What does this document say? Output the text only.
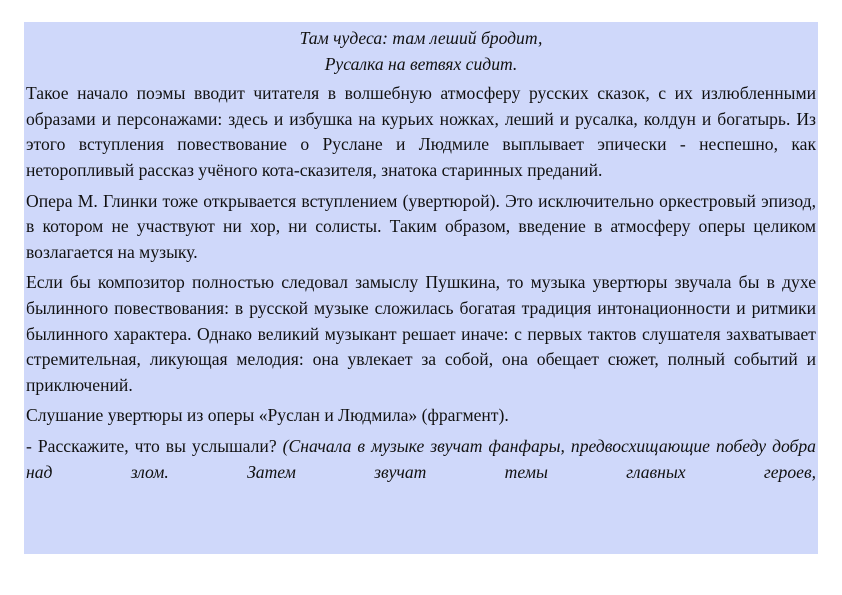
Там чудеса: там леший бродит,
Русалка на ветвях сидит.

Такое начало поэмы вводит читателя в волшебную атмосферу русских сказок, с их излюбленными образами и персонажами: здесь и избушка на курьих ножках, леший и русалка, колдун и богатырь. Из этого вступления повествование о Руслане и Людмиле выплывает эпически - неспешно, как неторопливый рассказ учёного кота-сказителя, знатока старинных преданий.

Опера М. Глинки тоже открывается вступлением (увертюрой). Это исключительно оркестровый эпизод, в котором не участвуют ни хор, ни солисты. Таким образом, введение в атмосферу оперы целиком возлагается на музыку.

Если бы композитор полностью следовал замыслу Пушкина, то музыка увертюры звучала бы в духе былинного повествования: в русской музыке сложилась богатая традиция интонационности и ритмики былинного характера. Однако великий музыкант решает иначе: с первых тактов слушателя захватывает стремительная, ликующая мелодия: она увлекает за собой, она обещает сюжет, полный событий и приключений.

Слушание увертюры из оперы «Руслан и Людмила» (фрагмент).

- Расскажите, что вы услышали? (Сначала в музыке звучат фанфары, предвосхищающие победу добра над злом. Затем звучат темы главных героев,
